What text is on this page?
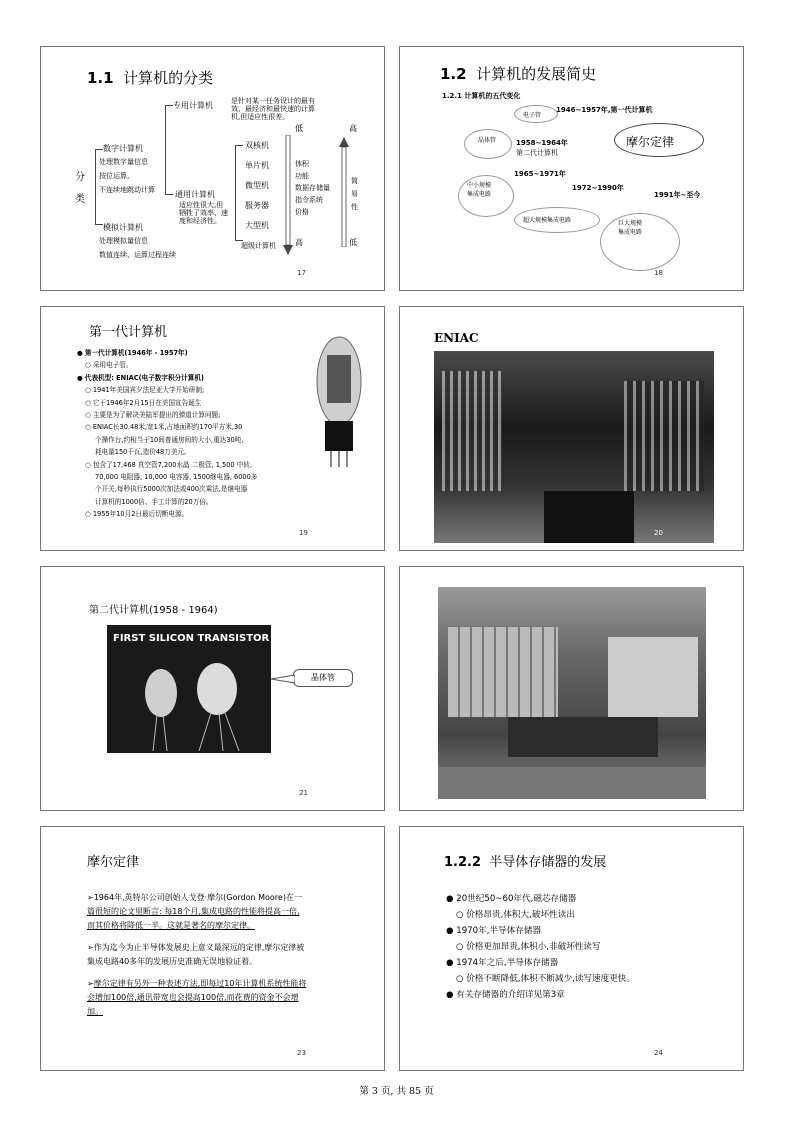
1.1 计算机的分类
分
类
数字计算机
处理数字量信息
按位运算,
不连续地跳动计算
专用计算机	是针对某一任务设计的最有
效、最经济和最快速的计算
机,但适应性很差。
通用计算机
适应性很大,但
牺牲了效率、速
度和经济性。
双核机
单片机
微型机
服务器
大型机
超级计算机
低
体积
功能
数据存储量
指令系统
价格
高
高
简
易
性
低
模拟计算机
处理模拟量信息
数值连续、运算过程连续
17
1.2 计算机的发展简史
1.2.1 计算机的五代变化
电子管
1946~1957年,第一代计算机
晶体管	1958~1964年
第二代计算机
摩尔定律
1965~1971年
中小规模
集成电路
1972~1990年
1991年~至今
超大规模集成电路	巨大规模
集成电路
18
第一代计算机
● 第一代计算机(1946年 - 1957年)
○ 采用电子管。
● 代表机型: ENIAC(电子数字积分计算机)
○ 1941年美国宾夕法尼亚大学开始研制;
○ 它于1946年2月15日在美国宣告诞生
○ 主要是为了解决美陆军提出的弹道计算问题;
○ ENIAC长30.48米,宽1米,占地面积约170平方米,30
个操作台,约相当于10间普通房间的大小,重达30吨,
耗电量150千瓦,造价48万美元。
○ 包含了17,468 真空管7,200水晶 二极管, 1,500 中转,
70,000 电阻器, 10,000 电容器, 1500继电器, 6000多
个开关,每秒执行5000次加法或400次乘法,是继电器
计算机的1000倍、手工计算的20万倍。
○ 1955年10月2日最后切断电源。
19
ENIAC
20
第二代计算机(1958 - 1964)
FIRST SILICON TRANSISTOR
晶体管
21
摩尔定律
➢1964年,英特尔公司创始人戈登·摩尔(Gordon Moore)在一
篇很短的论文里断言: 每18个月,集成电路的性能将提高一倍,
而其价格将降低一半。这就是著名的摩尔定律。
➢作为迄今为止半导体发展史上意义最深远的定律,摩尔定律被
集成电路40多年的发展历史准确无误地验证着。
➢摩尔定律有另外一种表述方法,即每过10年计算机系统性能将
会增加100倍,通讯带宽也会提高100倍,而花费的资金不会增
加。
23
1.2.2 半导体存储器的发展
● 20世纪50~60年代,磁芯存储器
○ 价格昂贵,体积大,破坏性读出
● 1970年,半导体存储器
○ 价格更加昂贵,体积小,非破坏性读写
● 1974年之后,半导体存储器
○ 价格不断降低,体积不断减少,读写速度更快。
● 有关存储器的介绍详见第3章
24
第 3 页, 共 85 页
